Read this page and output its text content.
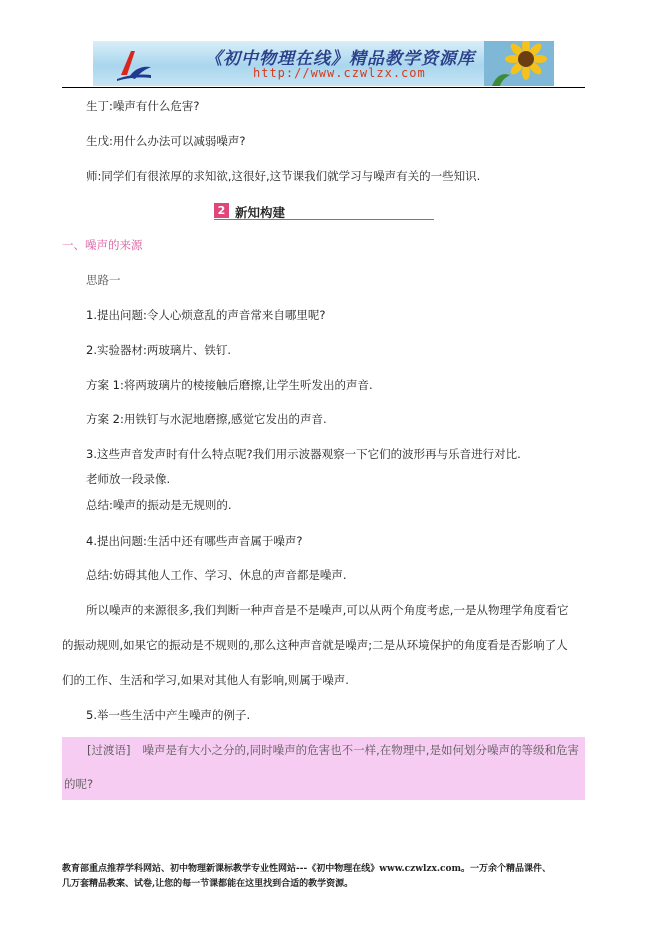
《初中物理在线》精品教学资源库
http://www.czwlzx.com
生丁:噪声有什么危害?
生戊:用什么办法可以减弱噪声?
师:同学们有很浓厚的求知欲,这很好,这节课我们就学习与噪声有关的一些知识.
2 新知构建
一、噪声的来源
思路一
1.提出问题:令人心烦意乱的声音常来自哪里呢?
2.实验器材:两玻璃片、铁钉.
方案 1:将两玻璃片的棱接触后磨擦,让学生听发出的声音.
方案 2:用铁钉与水泥地磨擦,感觉它发出的声音.
3.这些声音发声时有什么特点呢?我们用示波器观察一下它们的波形再与乐音进行对比.
老师放一段录像.
总结:噪声的振动是无规则的.
4.提出问题:生活中还有哪些声音属于噪声?
总结:妨碍其他人工作、学习、休息的声音都是噪声.
所以噪声的来源很多,我们判断一种声音是不是噪声,可以从两个角度考虑,一是从物理学角度看它
的振动规则,如果它的振动是不规则的,那么这种声音就是噪声;二是从环境保护的角度看是否影响了人
们的工作、生活和学习,如果对其他人有影响,则属于噪声.
5.举一些生活中产生噪声的例子.
[过渡语] 噪声是有大小之分的,同时噪声的危害也不一样,在物理中,是如何划分噪声的等级和危害
的呢?
教育部重点推荐学科网站、初中物理新课标教学专业性网站---《初中物理在线》www.czwlzx.com。一万余个精品课件、
几万套精品教案、试卷,让您的每一节课都能在这里找到合适的教学资源。
